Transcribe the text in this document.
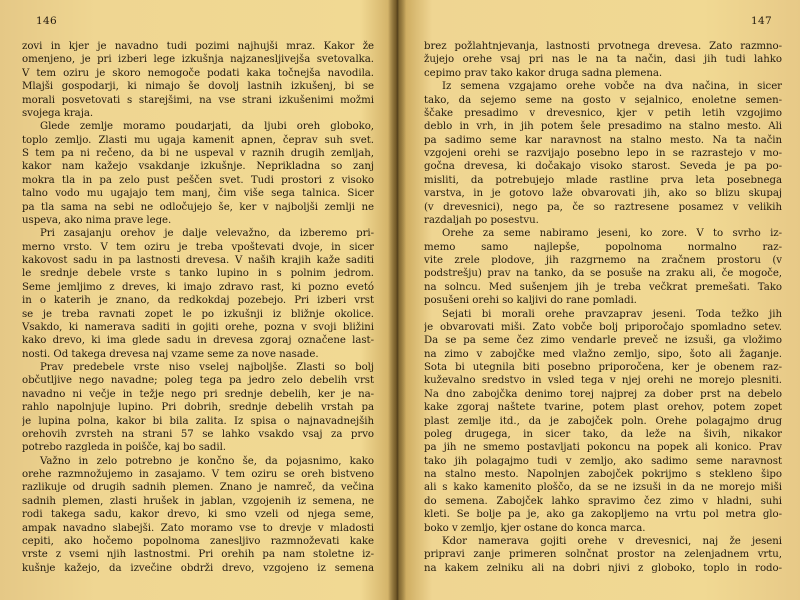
146
zovi in kjer je navadno tudi pozimi najhujši mraz. Kakor že
omenjeno, je pri izberi lege izkušnja najzanesljivejša svetovalka.
V tem oziru je skoro nemogoče podati kaka točnejša navodila.
Mlajši gospodarji, ki nimajo še dovolj lastnih izkušenj, bi se
morali posvetovati s starejšimi, na vse strani izkušenimi možmi
svojega kraja.
Glede zemlje moramo poudarjati, da ljubi oreh globoko,
toplo zemljo. Zlasti mu ugaja kamenit apnen, čeprav suh svet.
S tem pa ni rečeno, da bi ne uspeval v raznih drugih zemljah,
kakor nam kažejo vsakdanje izkušnje. Neprikladna so zanj
mokra tla in pa zelo pust peščen svet. Tudi prostori z visoko
talno vodo mu ugajajo tem manj, čim više sega talnica. Sicer
pa tla sama na sebi ne odločujejo še, ker v najboljši zemlji ne
uspeva, ako nima prave lege.
Pri zasajanju orehov je dalje velevažno, da izberemo pri-
merno vrsto. V tem oziru je treba vpoštevati dvoje, in sicer
kakovost sadu in pa lastnosti drevesa. V našiħ krajih kaže saditi
le srednje debele vrste s tanko lupino in s polnim jedrom.
Seme jemljimo z dreves, ki imajo zdravo rast, ki pozno evetó
in o katerih je znano, da redkokdaj pozebejo. Pri izberi vrst
se je treba ravnati zopet le po izkušnji iz bližnje okolice.
Vsakdo, ki namerava saditi in gojiti orehe, pozna v svoji bližini
kako drevo, ki ima glede sadu in drevesa zgoraj označene last-
nosti. Od takega drevesa naj vzame seme za nove nasade.
Prav predebele vrste niso vselej najboljše. Zlasti so bolj
občutljive nego navadne; poleg tega pa jedro zelo debelih vrst
navadno ni večje in težje nego pri srednje debelih, ker je na-
rahlo napolnjuje lupino. Pri dobrih, srednje debelih vrstah pa
je lupina polna, kakor bi bila zalita. Iz spisa o najnavadnejših
orehovih zvrsteh na strani 57 se lahko vsakdo vsaj za prvo
potrebo razgleda in poišče, kaj bo sadil.
Važno in zelo potrebno je končno še, da pojasnimo, kako
orehe razmnožujemo in zasajamo. V tem oziru se oreh bistveno
razlikuje od drugih sadnih plemen. Znano je namreč, da večina
sadnih plemen, zlasti hrušek in jablan, vzgojenih iz semena, ne
rodi takega sadu, kakor drevo, ki smo vzeli od njega seme,
ampak navadno slabejši. Zato moramo vse to drevje v mladosti
cepiti, ako hočemo popolnoma zanesljivo razmnoževati kake
vrste z vsemi njih lastnostmi. Pri orehih pa nam stoletne iz-
kušnje kažejo, da izvečine obdrži drevo, vzgojeno iz semena
147
brez požlahtnjevanja, lastnosti prvotnega drevesa. Zato razmno-
žujejo orehe vsaj pri nas le na ta način, dasi jih tudi lahko
cepimo prav tako kakor druga sadna plemena.
Iz semena vzgajamo orehe vobče na dva načina, in sicer
tako, da sejemo seme na gosto v sejalnico, enoletne semen-
ščake presadimo v drevesnico, kjer v petih letih vzgojimo
deblo in vrh, in jih potem šele presadimo na stalno mesto. Ali
pa sadimo seme kar naravnost na stalno mesto. Na ta način
vzgojeni orehi se razvijajo posebno lepo in se razrastejo v mo-
gočna drevesa, ki dočakajo visoko starost. Seveda je pa po-
misliti, da potrebujejo mlade rastline prva leta posebnega
varstva, in je gotovo laže obvarovati jih, ako so blizu skupaj
(v drevesnici), nego pa, če so raztresene posamez v velikih
razdaljah po posestvu.
Orehe za seme nabiramo jeseni, ko zore. V to svrho iz-
memo samo najlepše, popolnoma normalno raz-
vite zrele plodove, jih razgrnemo na zračnem prostoru (v
podstrešju) prav na tanko, da se posuše na zraku ali, če mogoče,
na solncu. Med sušenjem jih je treba večkrat premešati. Tako
posušeni orehi so kaljivi do rane pomladi.
Sejati bi morali orehe pravzaprav jeseni. Toda težko jih
je obvarovati miši. Zato vobče bolj priporočajo spomladno setev.
Da se pa seme čez zimo vendarle preveč ne izsuši, ga vložimo
na zimo v zabojčke med vlažno zemljo, sipo, šoto ali žaganje.
Sota bi utegnila biti posebno priporočena, ker je obenem raz-
kuževalno sredstvo in vsled tega v njej orehi ne morejo plesniti.
Na dno zabojčka denimo torej najprej za dober prst na debelo
kake zgoraj naštete tvarine, potem plast orehov, potem zopet
plast zemlje itd., da je zabojček poln. Orehe polagajmo drug
poleg drugega, in sicer tako, da leže na šivih, nikakor
pa jih ne smemo postavljati pokoncu na popek ali konico. Prav
tako jih polagajmo tudi v zemljo, ako sadimo seme naravnost
na stalno mesto. Napolnjen zabojček pokrijmo s stekleno šipo
ali s kako kamenito ploščo, da se ne izsuši in da ne morejo miši
do semena. Zabojček lahko spravimo čez zimo v hladni, suhi
kleti. Se bolje pa je, ako ga zakopljemo na vrtu pol metra glo-
boko v zemljo, kjer ostane do konca marca.
Kdor namerava gojiti orehe v drevesnici, naj že jeseni
pripravi zanje primeren solnčnat prostor na zelenjadnem vrtu,
na kakem zelniku ali na dobri njivi z globoko, toplo in rodo-
